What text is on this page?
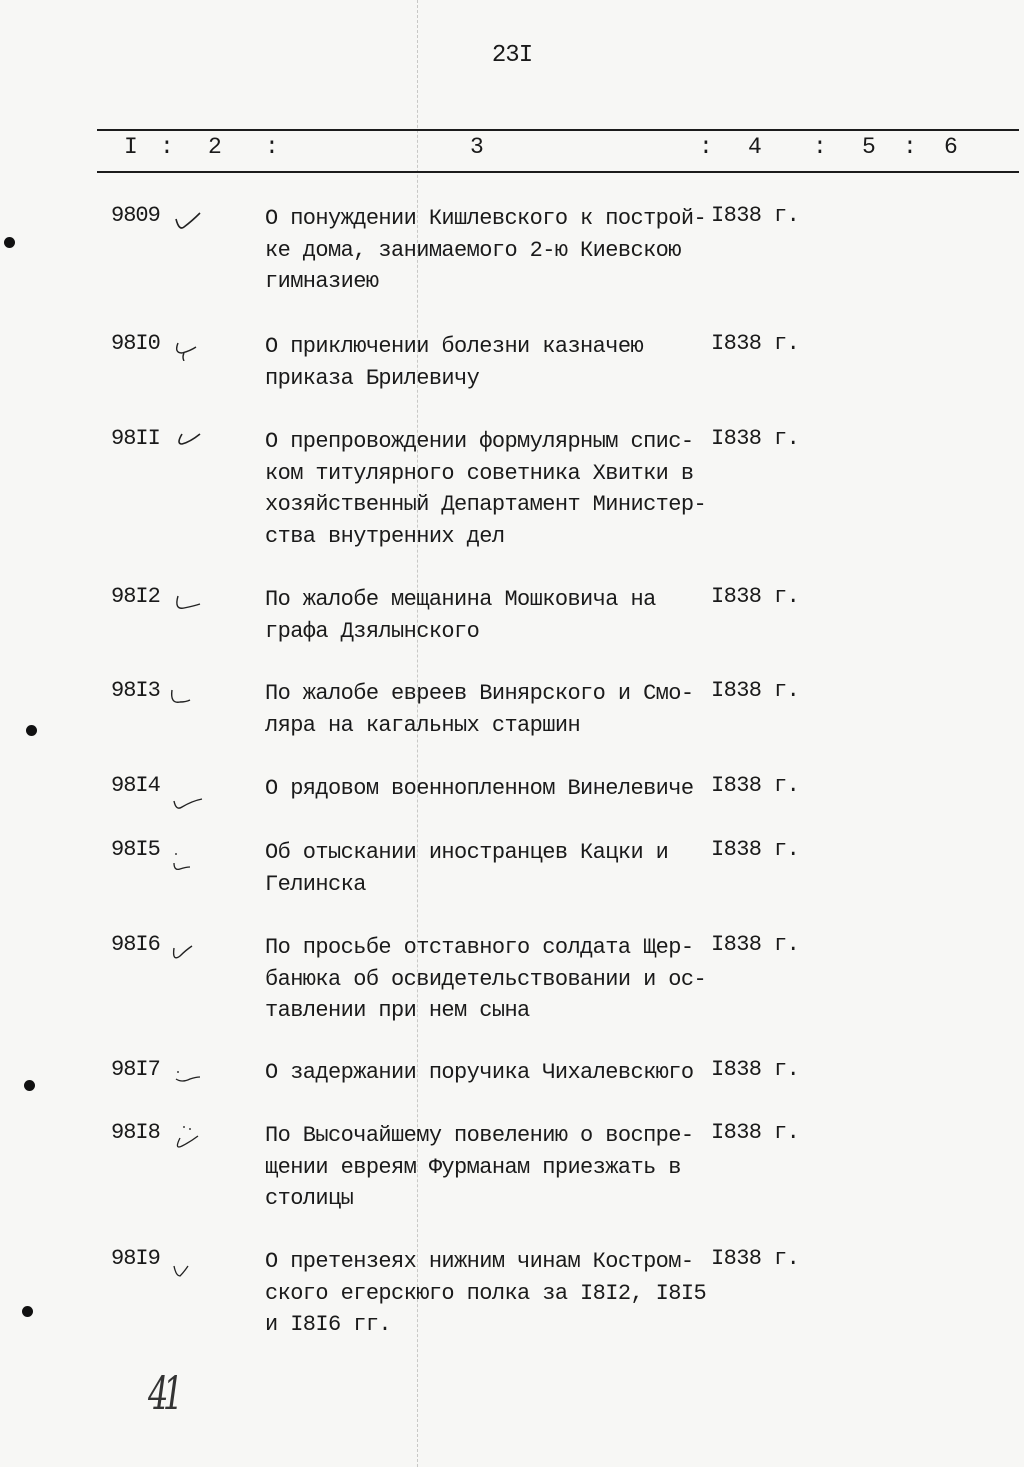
23I
I : 2 :	3	: 4 : 5 : 6
9809	О понуждении Кишлевского к построй-
ке дома, занимаемого 2-ю Киевскою
гимназиею
I838 г.
98I0	О приключении болезни казначею
приказа Брилевичу
I838 г.
98II	О препровождении формулярным спис-
ком титулярного советника Хвитки в
хозяйственный Департамент Министер-
ства внутренних дел
I838 г.
98I2	По жалобе мещанина Мошковича на
графа Дзялынского
I838 г.
98I3	По жалобе евреев Винярского и Смо-
ляра на кагальных старшин
I838 г.
98I4	О рядовом военнопленном Винелевиче I838 г.
98I5	Об отыскании иностранцев Кацки и
Гелинска
I838 г.
98I6	По просьбе отставного солдата Щер-
банюка об освидетельствовании и ос-
тавлении при нем сына
I838 г.
98I7	О задержании поручика Чихалевскюго I838 г.
98I8	По Высочайшему повелению о воспре-
щении евреям Фурманам приезжать в
столицы
I838 г.
98I9	О претензеях нижним чинам Костром-
ского егерскюго полка за I8I2, I8I5
и I8I6 гг.
I838 г.
41
